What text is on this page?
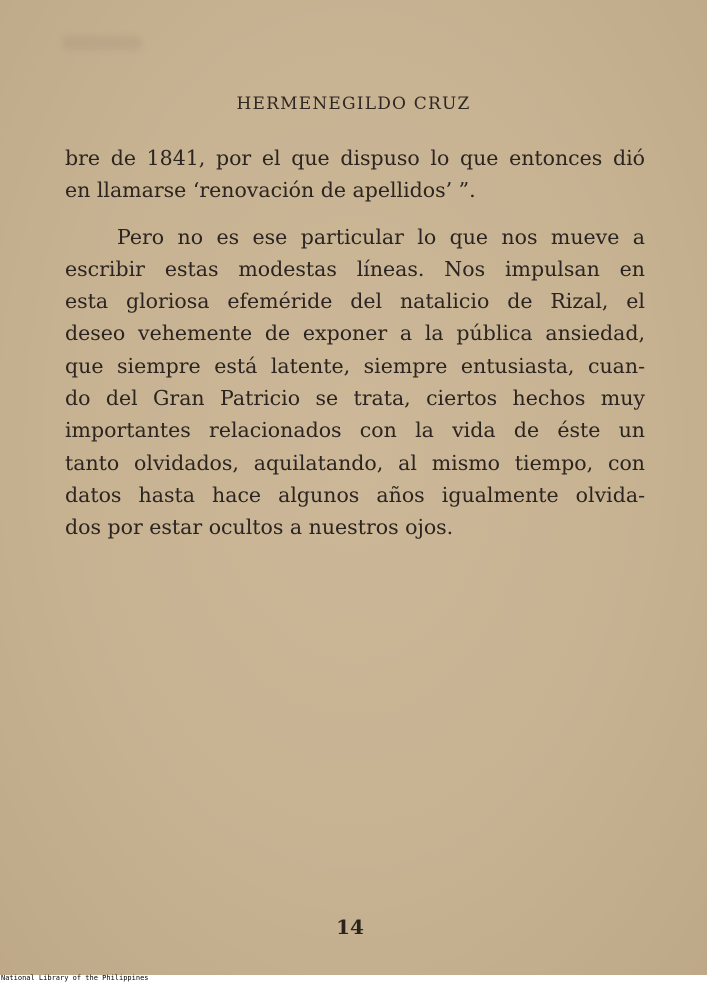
HERMENEGILDO CRUZ
bre de 1841, por el que dispuso lo que entonces dió
en llamarse ‘renovación de apellidos’ ”.
Pero no es ese particular lo que nos mueve a
escribir estas modestas líneas. Nos impulsan en
esta gloriosa efeméride del natalicio de Rizal, el
deseo vehemente de exponer a la pública ansiedad,
que siempre está latente, siempre entusiasta, cuan-
do del Gran Patricio se trata, ciertos hechos muy
importantes relacionados con la vida de éste un
tanto olvidados, aquilatando, al mismo tiempo, con
datos hasta hace algunos años igualmente olvida-
dos por estar ocultos a nuestros ojos.
14
National Library of the Philippines
